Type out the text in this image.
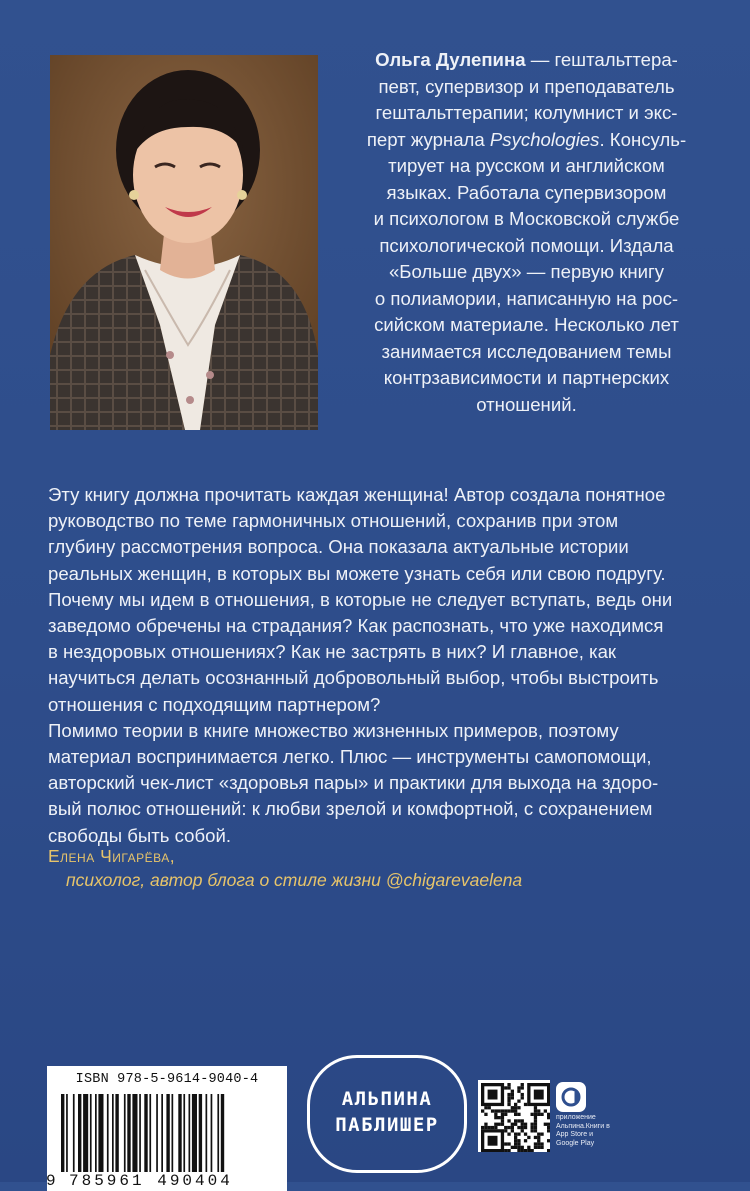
Ольга Дулепина — гештальттера-
певт, супервизор и преподаватель
гештальттерапии; колумнист и экс-
перт журнала Psychologies. Консуль-
тирует на русском и английском
языках. Работала супервизором
и психологом в Московской службе
психологической помощи. Издала
«Больше двух» — первую книгу
о полиамории, написанную на рос-
сийском материале. Несколько лет
занимается исследованием темы
контрзависимости и партнерских
отношений.
Эту книгу должна прочитать каждая женщина! Автор создала понятное
руководство по теме гармоничных отношений, сохранив при этом
глубину рассмотрения вопроса. Она показала актуальные истории
реальных женщин, в которых вы можете узнать себя или свою подругу.
Почему мы идем в отношения, в которые не следует вступать, ведь они
заведомо обречены на страдания? Как распознать, что уже находимся
в нездоровых отношениях? Как не застрять в них? И главное, как
научиться делать осознанный добровольный выбор, чтобы выстроить
отношения с подходящим партнером?
Помимо теории в книге множество жизненных примеров, поэтому
материал воспринимается легко. Плюс — инструменты самопомощи,
авторский чек-лист «здоровья пары» и практики для выхода на здоро-
вый полюс отношений: к любви зрелой и комфортной, с сохранением
свободы быть собой.
Елена Чигарёва,
психолог, автор блога о стиле жизни @chigarevaelena
ISBN 978-5-9614-9040-4
9 785961 490404
АЛЬПИНА
ПАБЛИШЕР	приложение Альпина.Книги в App Store и Google Play
